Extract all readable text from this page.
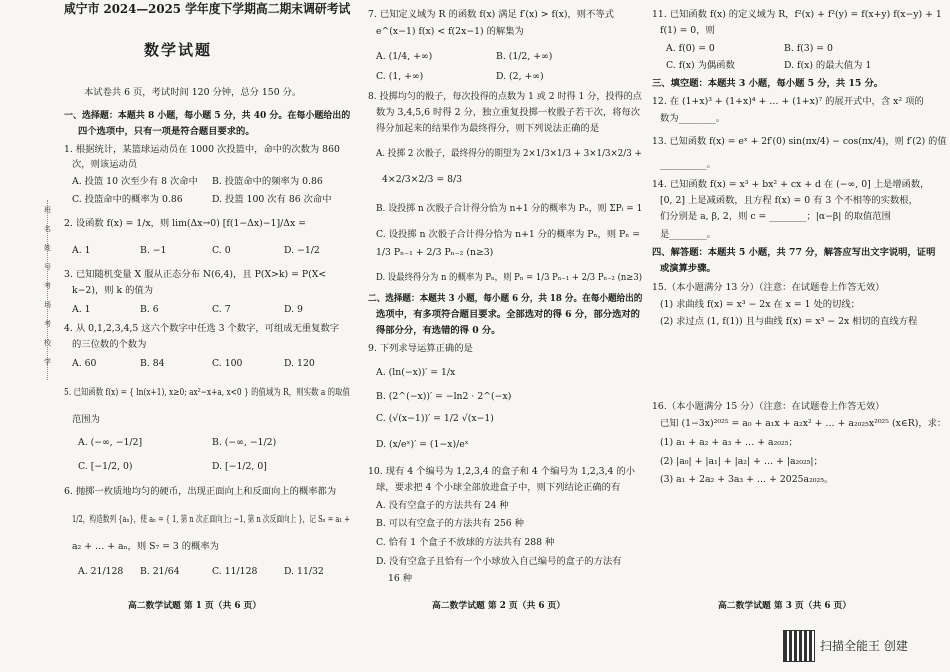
班
名
姓
号
考
场
考
校
学
咸宁市 2024—2025 学年度下学期高二期末调研考试
数学试题
本试卷共 6 页，考试时间 120 分钟，总分 150 分。
一、选择题：本题共 8 小题，每小题 5 分，共 40 分。在每小题给出的
四个选项中，只有一项是符合题目要求的。
1. 根据统计，某篮球运动员在 1000 次投篮中，命中的次数为 860
次，则该运动员
A. 投篮 10 次至少有 8 次命中 B. 投篮命中的频率为 0.86
C. 投篮命中的概率为 0.86	D. 投篮 100 次有 86 次命中
2. 设函数 f(x) = 1/x，则 lim(Δx→0) [f(1−Δx)−1]/Δx =
A. 1	B. −1	C. 0	D. −1/2
3. 已知随机变量 X 服从正态分布 N(6,4)，且 P(X>k) = P(X<
k−2)，则 k 的值为
A. 1	B. 6	C. 7	D. 9
4. 从 0,1,2,3,4,5 这六个数字中任选 3 个数字，可组成无重复数字
的三位数的个数为
A. 60	B. 84	C. 100	D. 120
5. 已知函数 f(x) = { ln(x+1), x≥0; ax²−x+a, x<0 } 的值域为 R，则实数 a 的取值
范围为
A. (−∞, −1/2]	B. (−∞, −1/2)
C. [−1/2, 0)	D. [−1/2, 0]
6. 抛掷一枚质地均匀的硬币，出现正面向上和反面向上的概率都为
1/2，构造数列 {aₙ}，使 aₙ = { 1, 第 n 次正面向上; −1, 第 n 次反面向上 }，记 Sₙ = a₁ +
a₂ + … + aₙ，则 S₇ = 3 的概率为
A. 21/128 B. 21/64	C. 11/128	D. 11/32
高二数学试题 第 1 页（共 6 页）
7. 已知定义域为 R 的函数 f(x) 满足 f′(x) > f(x)，则不等式
e^(x−1) f(x) < f(2x−1) 的解集为
A. (1/4, +∞)	B. (1/2, +∞)
C. (1, +∞)	D. (2, +∞)
8. 投掷均匀的骰子，每次投得的点数为 1 或 2 时得 1 分，投得的点
数为 3,4,5,6 时得 2 分，独立重复投掷一枚骰子若干次，将每次
得分加起来的结果作为最终得分，则下列说法正确的是
A. 投掷 2 次骰子，最终得分的期望为 2×1/3×1/3 + 3×1/3×2/3 +
4×2/3×2/3 = 8/3
B. 设投掷 n 次骰子合计得分恰为 n+1 分的概率为 Pₙ，则 ΣPᵢ = 1
C. 设投掷 n 次骰子合计得分恰为 n+1 分的概率为 Pₙ，则 Pₙ =
1/3 Pₙ₋₁ + 2/3 Pₙ₋₂ (n≥3)
D. 设最终得分为 n 的概率为 Pₙ，则 Pₙ = 1/3 Pₙ₋₁ + 2/3 Pₙ₋₂ (n≥3)
二、选择题：本题共 3 小题，每小题 6 分，共 18 分。在每小题给出的
选项中，有多项符合题目要求。全部选对的得 6 分，部分选对的
得部分分，有选错的得 0 分。
9. 下列求导运算正确的是
A. (ln(−x))′ = 1/x
B. (2^(−x))′ = −ln2 · 2^(−x)
C. (√(x−1))′ = 1/2 √(x−1)
D. (x/eˣ)′ = (1−x)/eˣ
10. 现有 4 个编号为 1,2,3,4 的盒子和 4 个编号为 1,2,3,4 的小
球，要求把 4 个小球全部放进盒子中，则下列结论正确的有
A. 没有空盒子的方法共有 24 种
B. 可以有空盒子的方法共有 256 种
C. 恰有 1 个盒子不放球的方法共有 288 种
D. 没有空盒子且恰有一个小球放入自己编号的盒子的方法有
16 种
高二数学试题 第 2 页（共 6 页）
11. 已知函数 f(x) 的定义域为 R，f²(x) + f²(y) = f(x+y) f(x−y) + 1
f(1) = 0，则
A. f(0) = 0	B. f(3) = 0
C. f(x) 为偶函数	D. f(x) 的最大值为 1
三、填空题：本题共 3 小题，每小题 5 分，共 15 分。
12. 在 (1+x)³ + (1+x)⁴ + … + (1+x)⁷ 的展开式中，含 x² 项的
数为________。
13. 已知函数 f(x) = eˣ + 2f′(0) sin(πx/4) − cos(πx/4)，则 f′(2) 的值
__________。
14. 已知函数 f(x) = x³ + bx² + cx + d 在 (−∞, 0] 上是增函数，
[0, 2] 上是减函数，且方程 f(x) = 0 有 3 个不相等的实数根，
们分别是 a, β, 2，则 c = ________；|α−β| 的取值范围
是________。
四、解答题：本题共 5 小题，共 77 分，解答应写出文字说明，证明
或演算步骤。
15.（本小题满分 13 分）（注意：在试题卷上作答无效）
(1) 求曲线 f(x) = x³ − 2x 在 x = 1 处的切线；
(2) 求过点 (1, f(1)) 且与曲线 f(x) = x³ − 2x 相切的直线方程
16.（本小题满分 15 分）（注意：在试题卷上作答无效）
已知 (1−3x)²⁰²⁵ = a₀ + a₁x + a₂x² + … + a₂₀₂₅x²⁰²⁵ (x∈R)，求：
(1) a₁ + a₂ + a₃ + … + a₂₀₂₅；
(2) |a₀| + |a₁| + |a₂| + … + |a₂₀₂₅|；
(3) a₁ + 2a₂ + 3a₃ + … + 2025a₂₀₂₅。
高二数学试题 第 3 页（共 6 页）
扫描全能王 创建
